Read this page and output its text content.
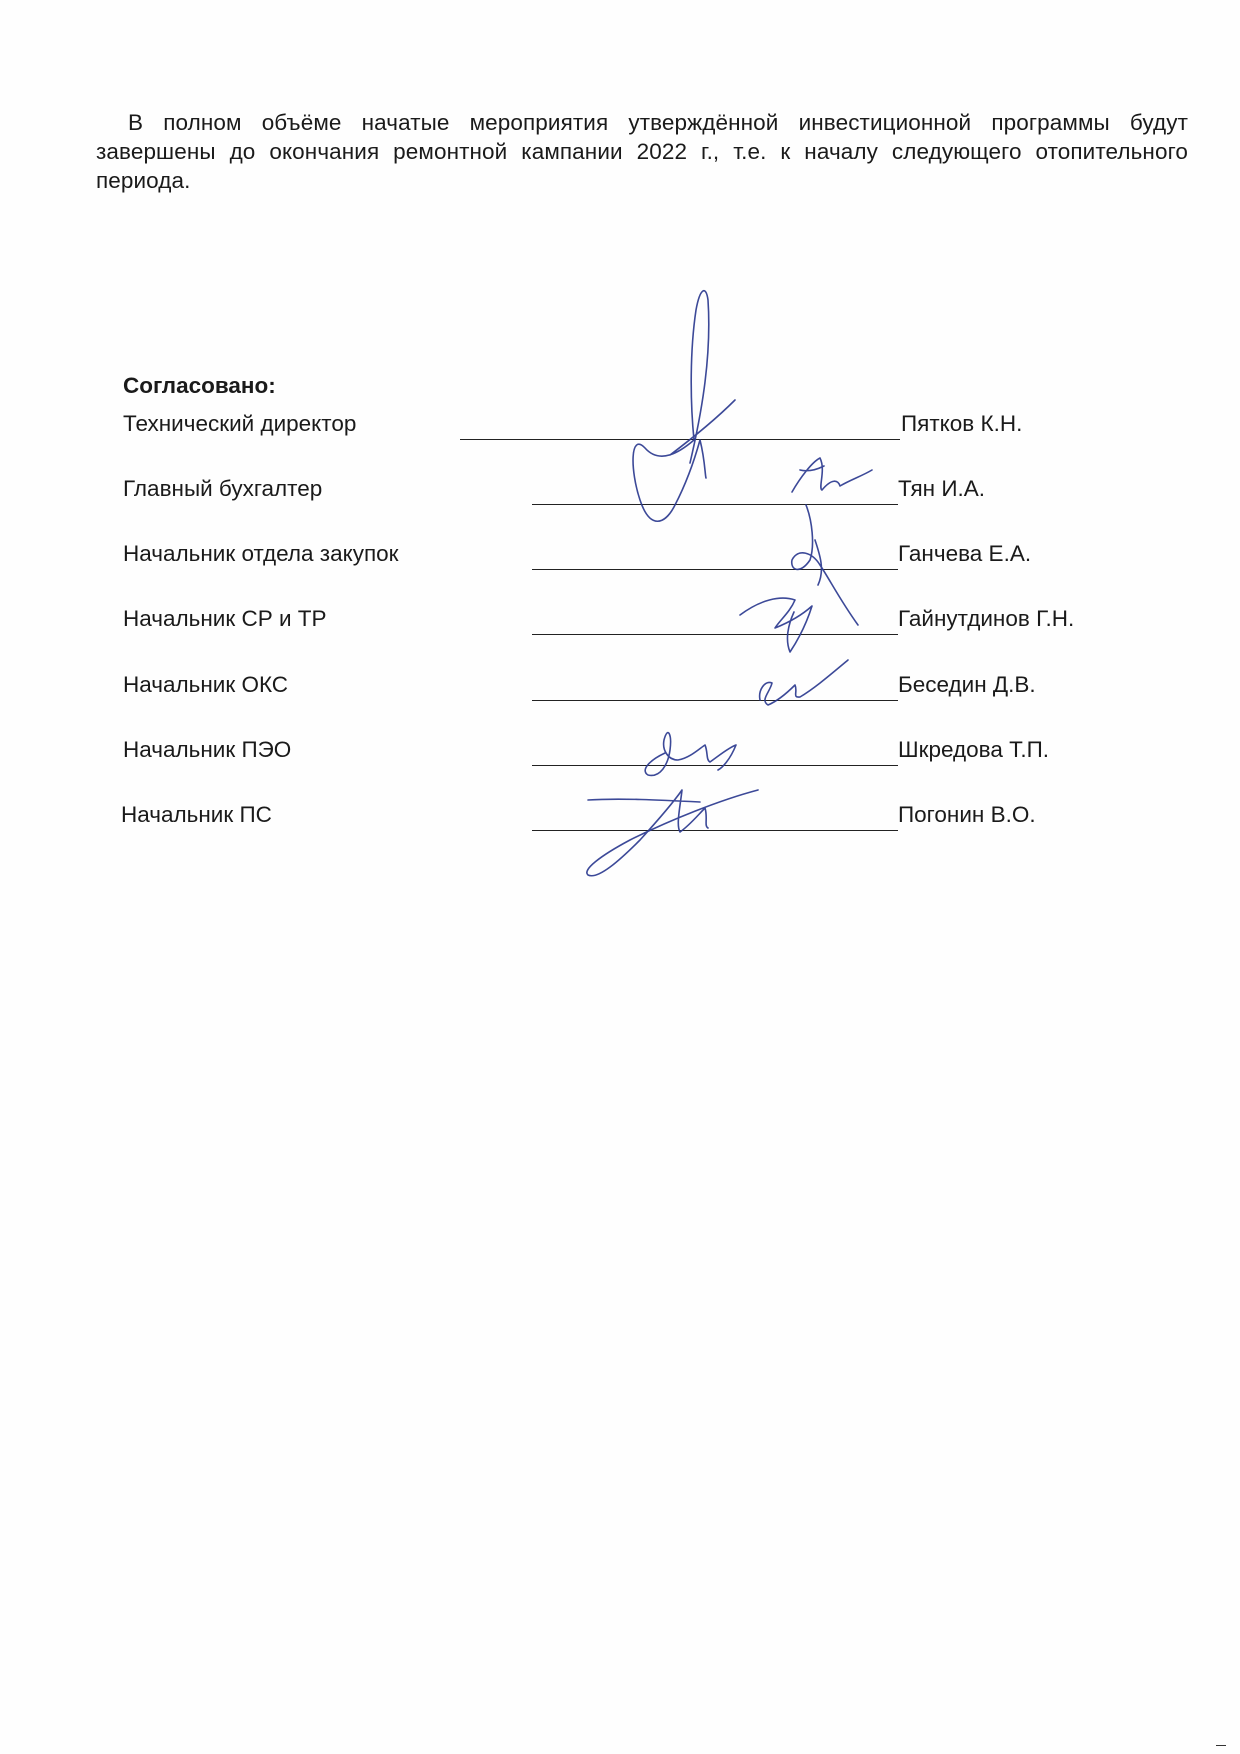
В полном объёме начатые мероприятия утверждённой инвестиционной программы будут завершены до окончания ремонтной кампании 2022 г., т.е. к началу следующего отопительного периода.

Согласовано:
Технический директор	Пятков К.Н.
Главный бухгалтер	Тян И.А.
Начальник отдела закупок	Ганчева Е.А.
Начальник СР и ТР	Гайнутдинов Г.Н.
Начальник ОКС	Беседин Д.В.
Начальник ПЭО	Шкредова Т.П.
Начальник ПС	Погонин В.О.
